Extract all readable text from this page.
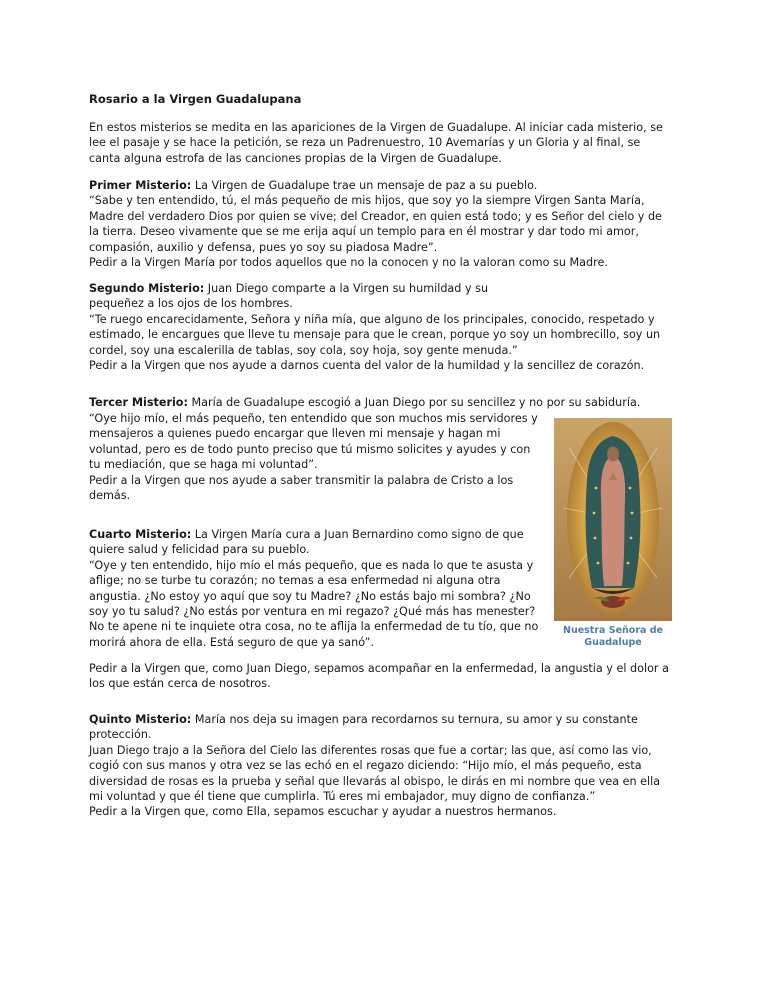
Rosario a la Virgen Guadalupana

En estos misterios se medita en las apariciones de la Virgen de Guadalupe. Al iniciar cada misterio, se lee el pasaje y se hace la petición, se reza un Padrenuestro, 10 Avemarías y un Gloria y al final, se canta alguna estrofa de las canciones propias de la Virgen de Guadalupe.

Primer Misterio: La Virgen de Guadalupe trae un mensaje de paz a su pueblo.

“Sabe y ten entendido, tú, el más pequeño de mis hijos, que soy yo la siempre Virgen Santa María, Madre del verdadero Dios por quien se vive; del Creador, en quien está todo; y es Señor del cielo y de la tierra. Deseo vivamente que se me erija aquí un templo para en él mostrar y dar todo mi amor, compasión, auxilio y defensa, pues yo soy su piadosa Madre”.

Pedir a la Virgen María por todos aquellos que no la conocen y no la valoran como su Madre.

Segundo Misterio: Juan Diego comparte a la Virgen su humildad y su pequeñez a los ojos de los hombres.

“Te ruego encarecidamente, Señora y niña mía, que alguno de los principales, conocido, respetado y estimado, le encargues que lleve tu mensaje para que le crean, porque yo soy un hombrecillo, soy un cordel, soy una escalerilla de tablas, soy cola, soy hoja, soy gente menuda.”

Pedir a la Virgen que nos ayude a darnos cuenta del valor de la humildad y la sencillez de corazón.

Tercer Misterio: María de Guadalupe escogió a Juan Diego por su sencillez y no por su sabiduría.

“Oye hijo mío, el más pequeño, ten entendido que son muchos mis servidores y mensajeros a quienes puedo encargar que lleven mi mensaje y hagan mi voluntad, pero es de todo punto preciso que tú mismo solicites y ayudes y con tu mediación, que se haga mi voluntad”.

Pedir a la Virgen que nos ayude a saber transmitir la palabra de Cristo a los demás.

Cuarto Misterio: La Virgen María cura a Juan Bernardino como signo de que quiere salud y felicidad para su pueblo.

“Oye y ten entendido, hijo mío el más pequeño, que es nada lo que te asusta y aflige; no se turbe tu corazón; no temas a esa enfermedad ni alguna otra angustia. ¿No estoy yo aquí que soy tu Madre? ¿No estás bajo mi sombra? ¿No soy yo tu salud? ¿No estás por ventura en mi regazo? ¿Qué más has menester? No te apene ni te inquiete otra cosa, no te aflija la enfermedad de tu tío, que no morirá ahora de ella. Está seguro de que ya sanó”.

Pedir a la Virgen que, como Juan Diego, sepamos acompañar en la enfermedad, la angustia y el dolor a los que están cerca de nosotros.

Quinto Misterio: María nos deja su imagen para recordarnos su ternura, su amor y su constante protección.

Juan Diego trajo a la Señora del Cielo las diferentes rosas que fue a cortar; las que, así como las vio, cogió con sus manos y otra vez se las echó en el regazo diciendo: “Hijo mío, el más pequeño, esta diversidad de rosas es la prueba y señal que llevarás al obispo, le dirás en mi nombre que vea en ella mi voluntad y que él tiene que cumplirla. Tú eres mi embajador, muy digno de confianza.”

Pedir a la Virgen que, como Ella, sepamos escuchar y ayudar a nuestros hermanos.

Nuestra Señora de Guadalupe
